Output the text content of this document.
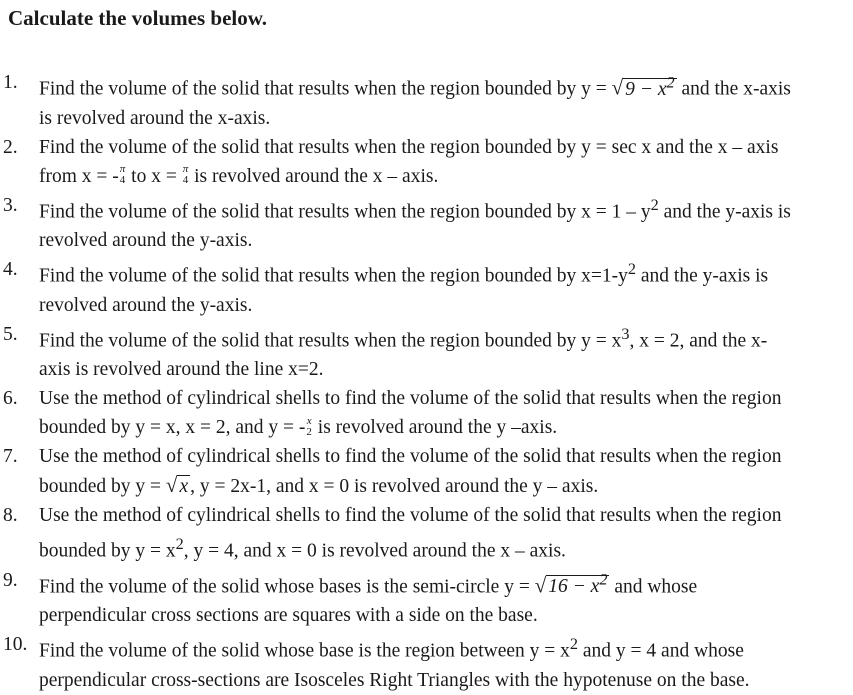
Calculate the volumes below.
1.	Find the volume of the solid that results when the region bounded by y = √ $9 - x^2$ and the x-axis is revolved around the x-axis.
2.	Find the volume of the solid that results when the region bounded by y = sec x and the x – axis from x = - π
4 to x = π
4 is revolved around the x – axis.
3.	Find the volume of the solid that results when the region bounded by $x = 1 - y^2$ and the y-axis is revolved around the y-axis.
4.	Find the volume of the solid that results when the region bounded by $x=1-y^2$ and the y-axis is revolved around the y-axis.
5.	Find the volume of the solid that results when the region bounded by $y = x^3$, x = 2, and the x-axis is revolved around the line x=2.
6.	Use the method of cylindrical shells to find the volume of the solid that results when the region bounded by y = x, x = 2, and y = - x
2 is revolved around the y –axis.
7.	Use the method of cylindrical shells to find the volume of the solid that results when the region bounded by y = √ x , y = 2x-1, and x = 0 is revolved around the y – axis.
8.	Use the method of cylindrical shells to find the volume of the solid that results when the region bounded by $y = x^2$, y = 4, and x = 0 is revolved around the x – axis.
9.	Find the volume of the solid whose bases is the semi-circle y = √ $16 - x^2$ and whose perpendicular cross sections are squares with a side on the base.
10. Find the volume of the solid whose base is the region between $y = x^2$ and y = 4 and whose perpendicular cross-sections are Isosceles Right Triangles with the hypotenuse on the base.
